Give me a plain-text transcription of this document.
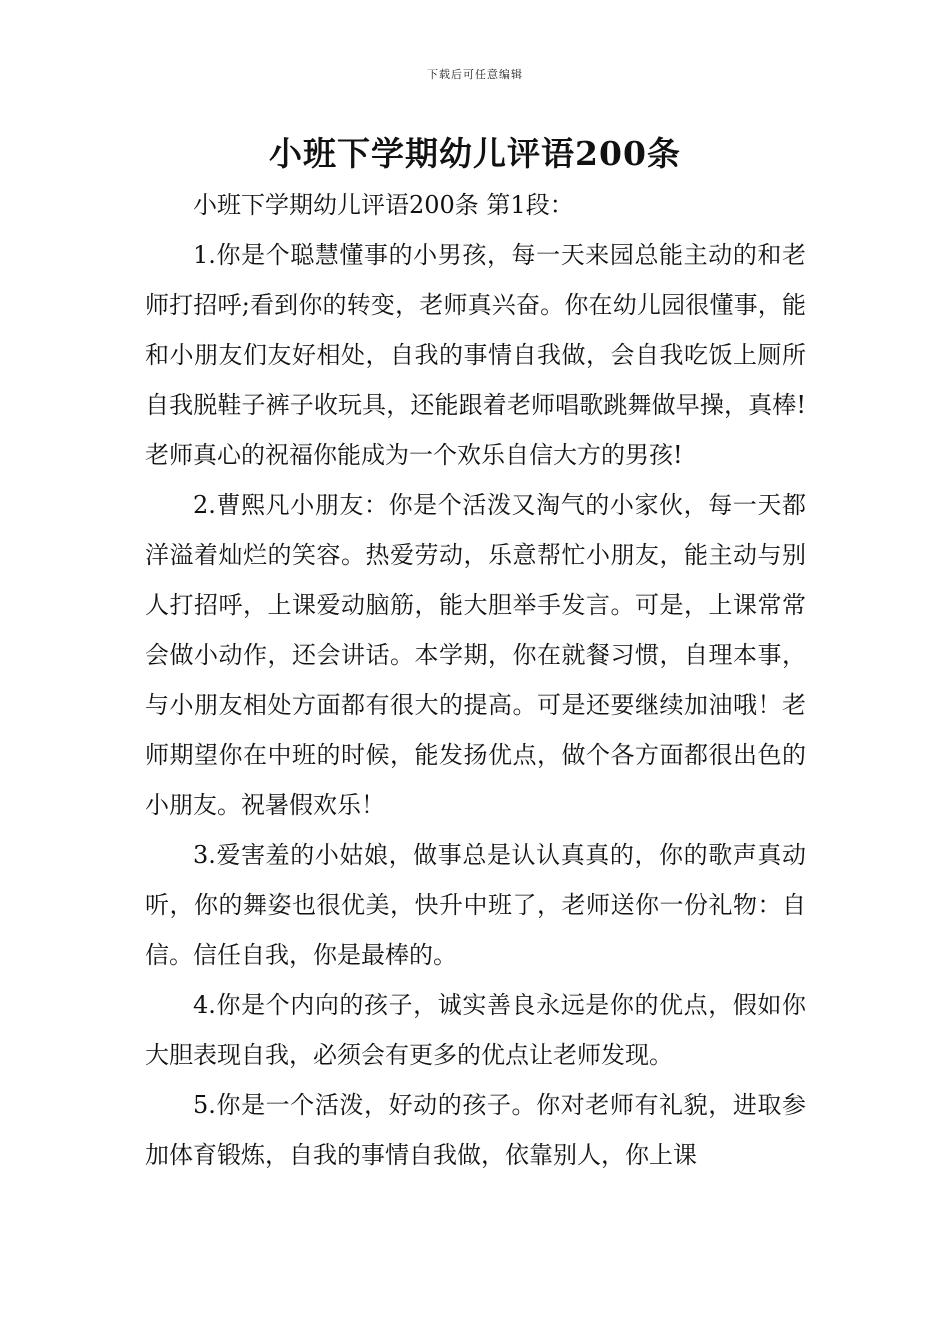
下载后可任意编辑
小班下学期幼儿评语200条

小班下学期幼儿评语200条 第1段：

1.你是个聪慧懂事的小男孩，每一天来园总能主动的和老师打招呼;看到你的转变，老师真兴奋。你在幼儿园很懂事，能和小朋友们友好相处，自我的事情自我做，会自我吃饭上厕所自我脱鞋子裤子收玩具，还能跟着老师唱歌跳舞做早操，真棒!老师真心的祝福你能成为一个欢乐自信大方的男孩!

2.曹熙凡小朋友：你是个活泼又淘气的小家伙，每一天都洋溢着灿烂的笑容。热爱劳动，乐意帮忙小朋友，能主动与别人打招呼，上课爱动脑筋，能大胆举手发言。可是，上课常常会做小动作，还会讲话。本学期，你在就餐习惯，自理本事，与小朋友相处方面都有很大的提高。可是还要继续加油哦！老师期望你在中班的时候，能发扬优点，做个各方面都很出色的小朋友。祝暑假欢乐！

3.爱害羞的小姑娘，做事总是认认真真的，你的歌声真动听，你的舞姿也很优美，快升中班了，老师送你一份礼物：自信。信任自我，你是最棒的。

4.你是个内向的孩子，诚实善良永远是你的优点，假如你大胆表现自我，必须会有更多的优点让老师发现。

5.你是一个活泼，好动的孩子。你对老师有礼貌，进取参加体育锻炼，自我的事情自我做，依靠别人，你上课
